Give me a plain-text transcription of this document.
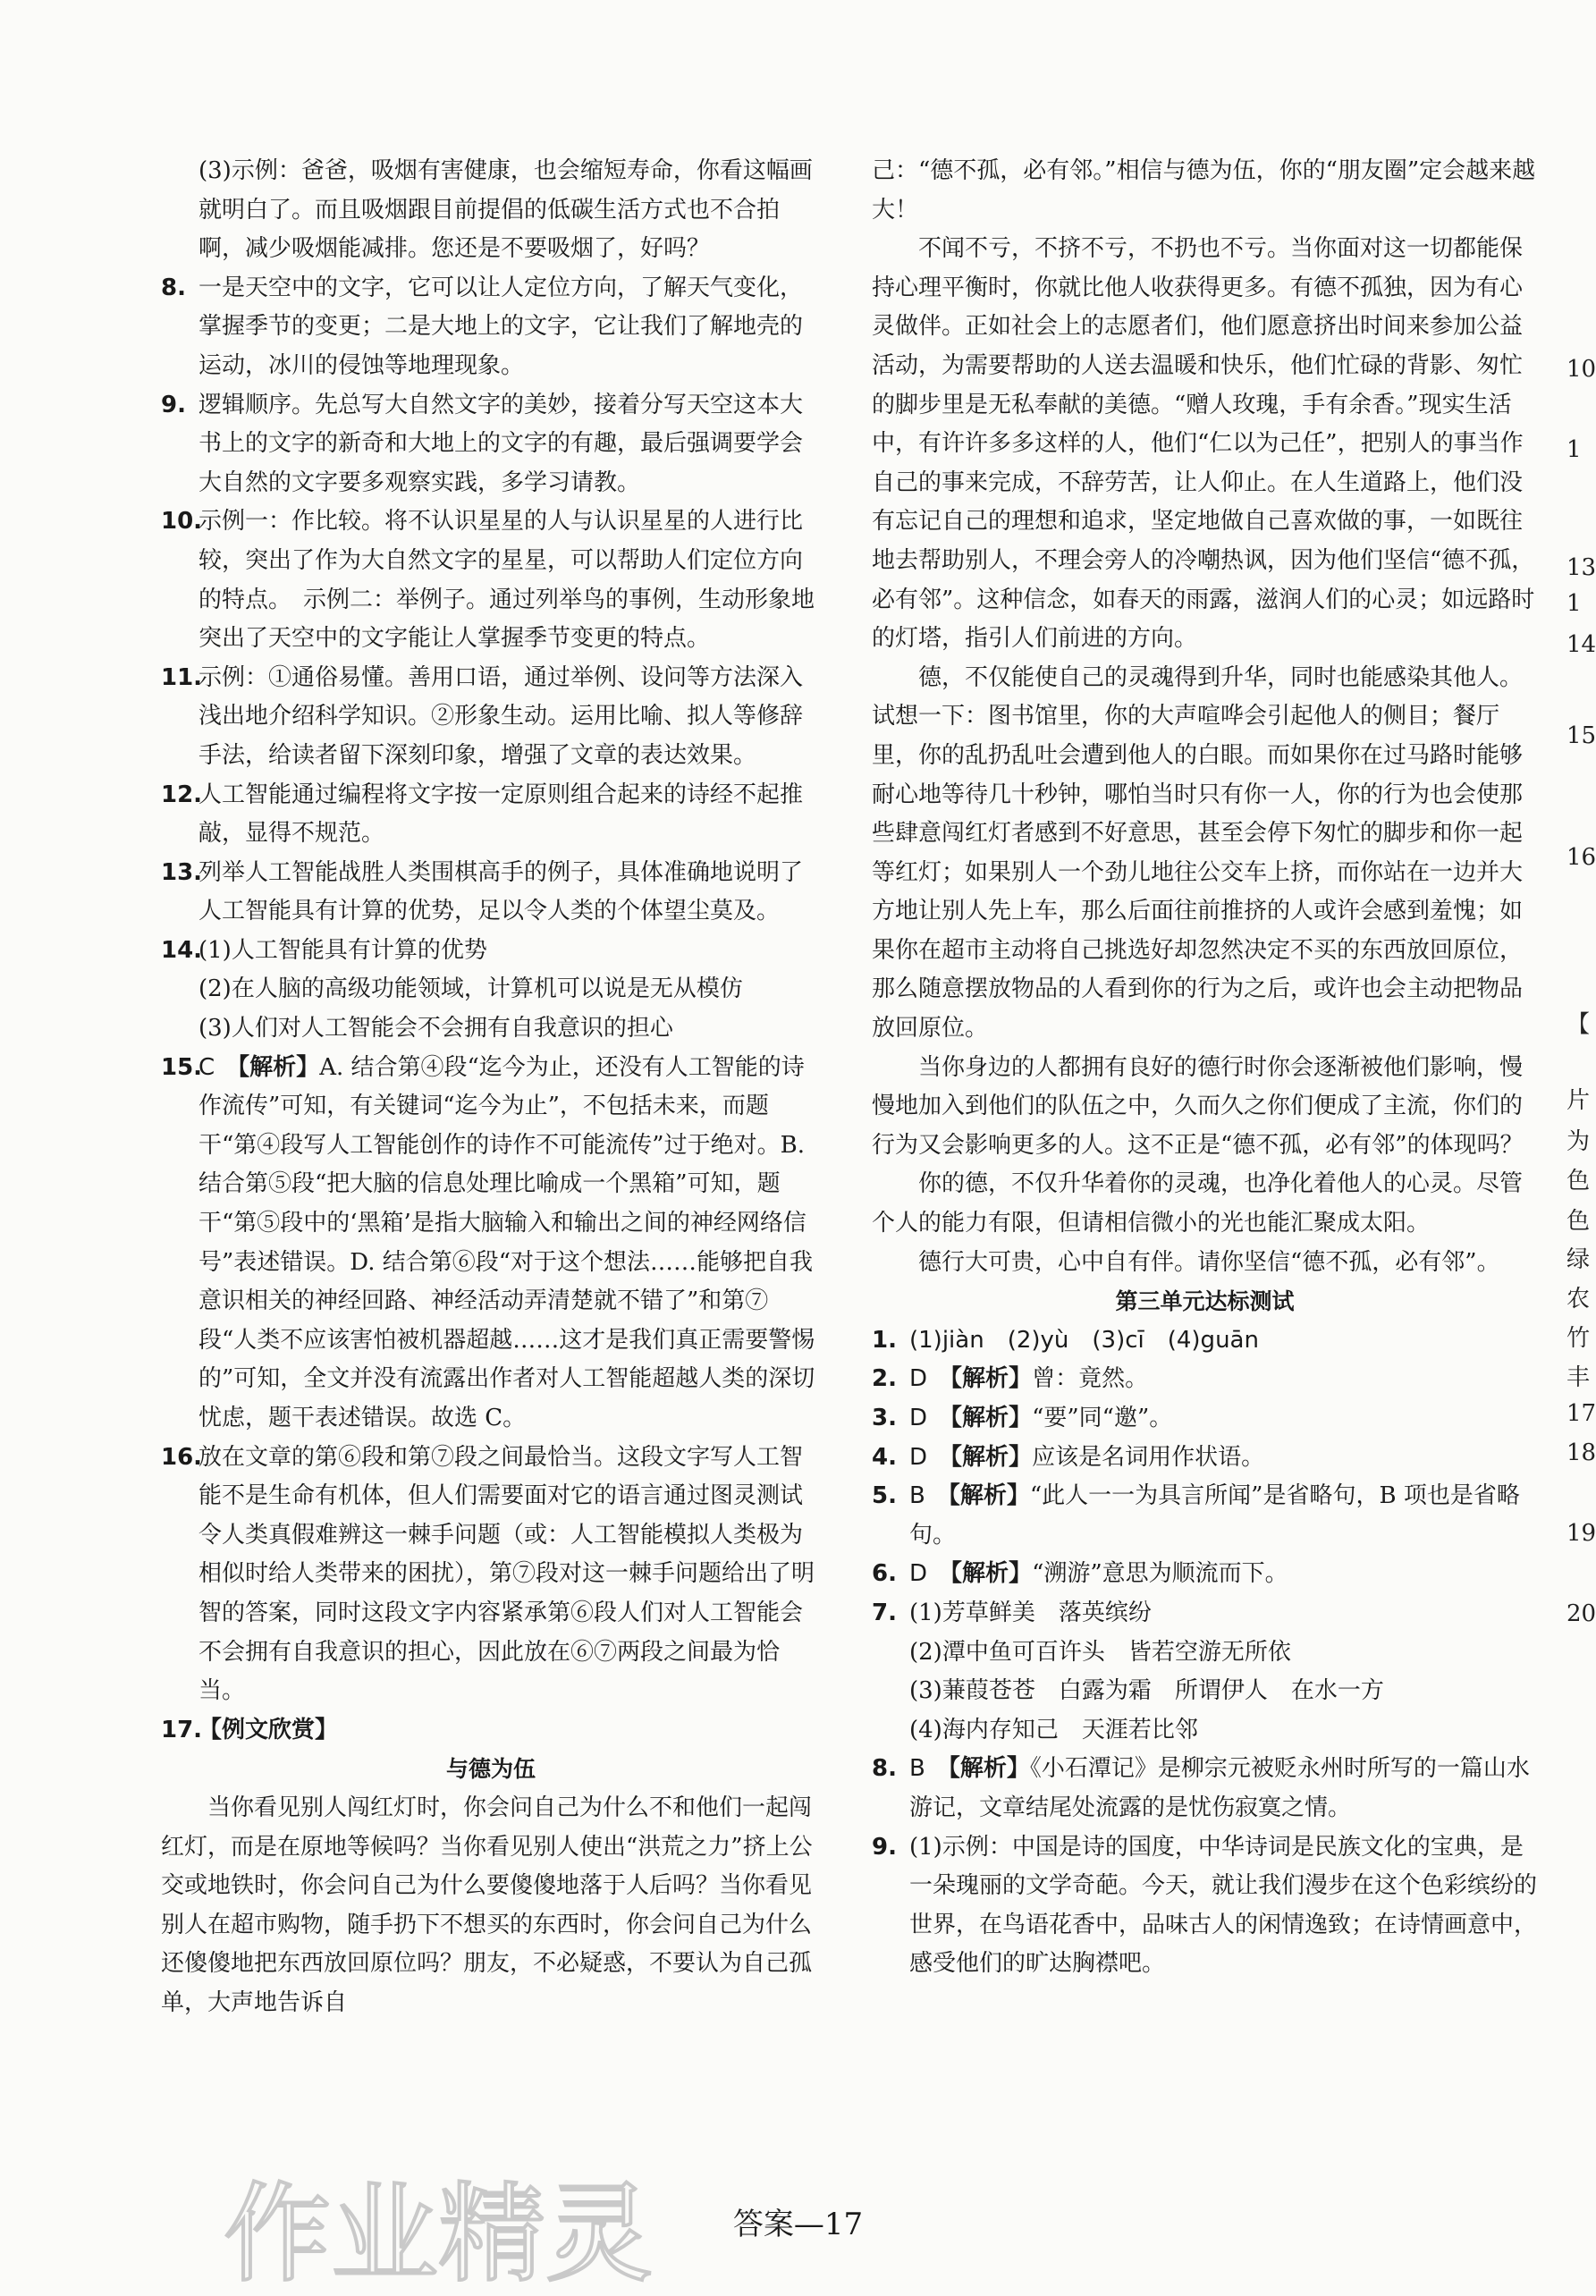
(3)示例：爸爸，吸烟有害健康，也会缩短寿命，你看这幅画就明白了。而且吸烟跟目前提倡的低碳生活方式也不合拍啊，减少吸烟能减排。您还是不要吸烟了，好吗？

8. 一是天空中的文字，它可以让人定位方向，了解天气变化，掌握季节的变更；二是大地上的文字，它让我们了解地壳的运动，冰川的侵蚀等地理现象。
9. 逻辑顺序。先总写大自然文字的美妙，接着分写天空这本大书上的文字的新奇和大地上的文字的有趣，最后强调要学会大自然的文字要多观察实践，多学习请教。
10.
示例一：作比较。将不认识星星的人与认识星星的人进行比较，突出了作为大自然文字的星星，可以帮助人们定位方向的特点。　示例二：举例子。通过列举鸟的事例，生动形象地突出了天空中的文字能让人掌握季节变更的特点。
11.
示例：①通俗易懂。善用口语，通过举例、设问等方法深入浅出地介绍科学知识。②形象生动。运用比喻、拟人等修辞手法，给读者留下深刻印象，增强了文章的表达效果。
12.
人工智能通过编程将文字按一定原则组合起来的诗经不起推敲，显得不规范。
13.
列举人工智能战胜人类围棋高手的例子，具体准确地说明了人工智能具有计算的优势，足以令人类的个体望尘莫及。
14.
(1)人工智能具有计算的优势
(2)在人脑的高级功能领域，计算机可以说是无从模仿
(3)人们对人工智能会不会拥有自我意识的担心
15.
C　 【解析】A. 结合第④段“迄今为止，还没有人工智能的诗作流传”可知，有关键词“迄今为止”，不包括未来，而题干“第④段写人工智能创作的诗作不可能流传”过于绝对。B. 结合第⑤段“把大脑的信息处理比喻成一个黑箱”可知，题干“第⑤段中的‘黑箱’是指大脑输入和输出之间的神经网络信号”表述错误。D. 结合第⑥段“对于这个想法……能够把自我意识相关的神经回路、神经活动弄清楚就不错了”和第⑦段“人类不应该害怕被机器超越……这才是我们真正需要警惕的”可知，全文并没有流露出作者对人工智能超越人类的深切忧虑，题干表述错误。故选 C。
16.
放在文章的第⑥段和第⑦段之间最恰当。这段文字写人工智能不是生命有机体，但人们需要面对它的语言通过图灵测试令人类真假难辨这一棘手问题（或：人工智能模拟人类极为相似时给人类带来的困扰），第⑦段对这一棘手问题给出了明智的答案，同时这段文字内容紧承第⑥段人们对人工智能会不会拥有自我意识的担心，因此放在⑥⑦两段之间最为恰当。
17.
【例文欣赏】

与德为伍

当你看见别人闯红灯时，你会问自己为什么不和他们一起闯红灯，而是在原地等候吗？当你看见别人使出“洪荒之力”挤上公交或地铁时，你会问自己为什么要傻傻地落于人后吗？当你看见别人在超市购物，随手扔下不想买的东西时，你会问自己为什么还傻傻地把东西放回原位吗？朋友，不必疑惑，不要认为自己孤单，大声地告诉自

己：“德不孤，必有邻。”相信与德为伍，你的“朋友圈”定会越来越大！

不闻不亏，不挤不亏，不扔也不亏。当你面对这一切都能保持心理平衡时，你就比他人收获得更多。有德不孤独，因为有心灵做伴。正如社会上的志愿者们，他们愿意挤出时间来参加公益活动，为需要帮助的人送去温暖和快乐，他们忙碌的背影、匆忙的脚步里是无私奉献的美德。“赠人玫瑰，手有余香。”现实生活中，有许许多多这样的人，他们“仁以为己任”，把别人的事当作自己的事来完成，不辞劳苦，让人仰止。在人生道路上，他们没有忘记自己的理想和追求，坚定地做自己喜欢做的事，一如既往地去帮助别人，不理会旁人的冷嘲热讽，因为他们坚信“德不孤，必有邻”。这种信念，如春天的雨露，滋润人们的心灵；如远路时的灯塔，指引人们前进的方向。

德，不仅能使自己的灵魂得到升华，同时也能感染其他人。试想一下：图书馆里，你的大声喧哗会引起他人的侧目；餐厅里，你的乱扔乱吐会遭到他人的白眼。而如果你在过马路时能够耐心地等待几十秒钟，哪怕当时只有你一人，你的行为也会使那些肆意闯红灯者感到不好意思，甚至会停下匆忙的脚步和你一起等红灯；如果别人一个劲儿地往公交车上挤，而你站在一边并大方地让别人先上车，那么后面往前推挤的人或许会感到羞愧；如果你在超市主动将自己挑选好却忽然决定不买的东西放回原位，那么随意摆放物品的人看到你的行为之后，或许也会主动把物品放回原位。

当你身边的人都拥有良好的德行时你会逐渐被他们影响，慢慢地加入到他们的队伍之中，久而久之你们便成了主流，你们的行为又会影响更多的人。这不正是“德不孤，必有邻”的体现吗？

你的德，不仅升华着你的灵魂，也净化着他人的心灵。尽管个人的能力有限，但请相信微小的光也能汇聚成太阳。

德行大可贵，心中自有伴。请你坚信“德不孤，必有邻”。

第三单元达标测试

1. (1)jiàn　(2)yù　(3)cī　(4)guān
2. D　 【解析】曾：竟然。
3. D　 【解析】“要”同“邀”。
4. D　 【解析】应该是名词用作状语。
5. B　 【解析】“此人一一为具言所闻”是省略句，B 项也是省略句。
6. D　 【解析】“溯游”意思为顺流而下。
7. (1)芳草鲜美　落英缤纷
(2)潭中鱼可百许头　皆若空游无所依
(3)蒹葭苍苍　白露为霜　所谓伊人　在水一方
(4)海内存知己　天涯若比邻
8. B　 【解析】《小石潭记》是柳宗元被贬永州时所写的一篇山水游记，文章结尾处流露的是忧伤寂寞之情。
9. (1)示例：中国是诗的国度，中华诗词是民族文化的宝典，是一朵瑰丽的文学奇葩。今天，就让我们漫步在这个色彩缤纷的世界，在鸟语花香中，品味古人的闲情逸致；在诗情画意中，感受他们的旷达胸襟吧。
10
1
13
1
14
15
16
【
片
为
色
色
绿
农
竹
丰
17
18
19
20
答案—17
作业精灵
